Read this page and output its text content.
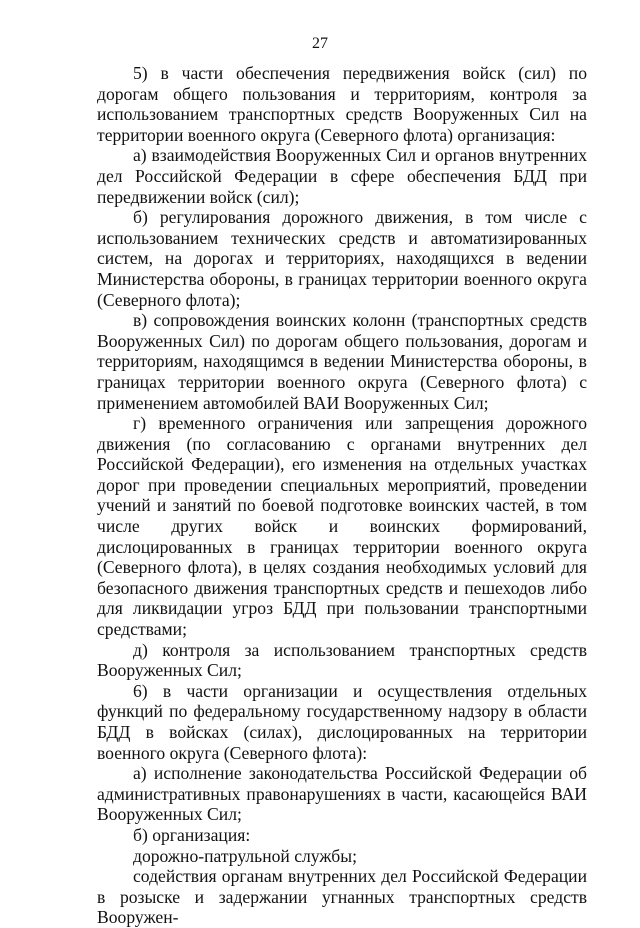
27

5) в части обеспечения передвижения войск (сил) по дорогам общего пользования и территориям, контроля за использованием транспортных средств Вооруженных Сил на территории военного округа (Северного флота) организация:

а) взаимодействия Вооруженных Сил и органов внутренних дел Российской Федерации в сфере обеспечения БДД при передвижении войск (сил);

б) регулирования дорожного движения, в том числе с использованием технических средств и автоматизированных систем, на дорогах и территориях, находящихся в ведении Министерства обороны, в границах территории военного округа (Северного флота);

в) сопровождения воинских колонн (транспортных средств Вооруженных Сил) по дорогам общего пользования, дорогам и территориям, находящимся в ведении Министерства обороны, в границах территории военного округа (Северного флота) с применением автомобилей ВАИ Вооруженных Сил;

г) временного ограничения или запрещения дорожного движения (по согласованию с органами внутренних дел Российской Федерации), его изменения на отдельных участках дорог при проведении специальных мероприятий, проведении учений и занятий по боевой подготовке воинских частей, в том числе других войск и воинских формирований, дислоцированных в границах территории военного округа (Северного флота), в целях создания необходимых условий для безопасного движения транспортных средств и пешеходов либо для ликвидации угроз БДД при пользовании транспортными средствами;

д) контроля за использованием транспортных средств Вооруженных Сил;

6) в части организации и осуществления отдельных функций по федеральному государственному надзору в области БДД в войсках (силах), дислоцированных на территории военного округа (Северного флота):

а) исполнение законодательства Российской Федерации об административных правонарушениях в части, касающейся ВАИ Вооруженных Сил;

б) организация:

дорожно-патрульной службы;

содействия органам внутренних дел Российской Федерации в розыске и задержании угнанных транспортных средств Вооружен-
